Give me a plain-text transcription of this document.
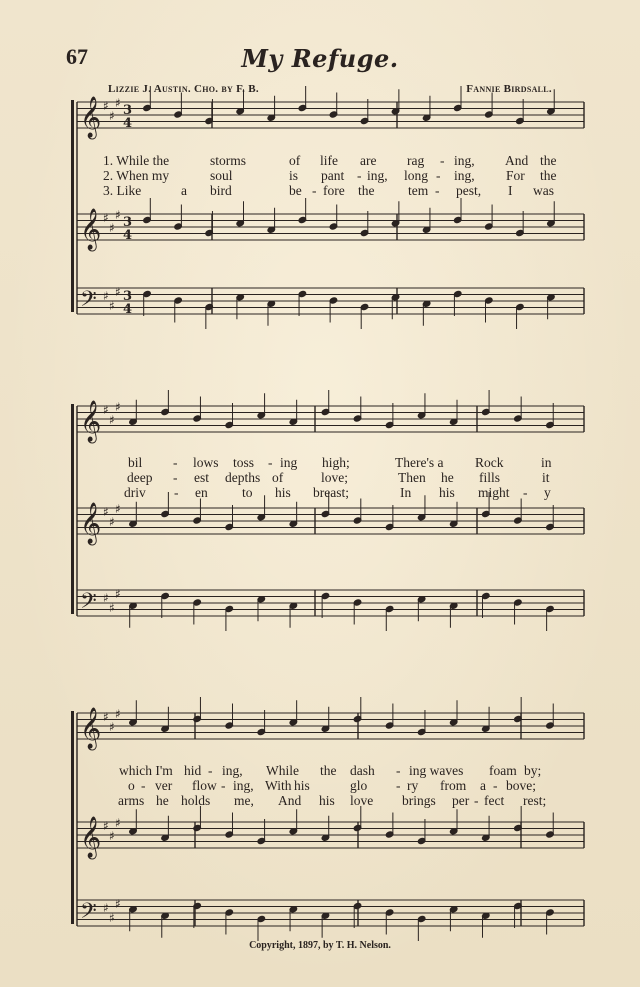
67	My Refuge.
Lizzie J. Austin. Cho. by F. B.	Fannie Birdsall.
𝄞 ♯
♯
♯ 3
4
𝄞 ♯
♯
♯ 3
4
𝄢 ♯
♯
♯ 3
4
𝄞 ♯
♯
♯
𝄞 ♯
♯
♯
𝄢 ♯
♯
♯
𝄞 ♯
♯
♯
𝄞 ♯
♯
♯
𝄢 ♯
♯
♯
1. While the	storms	of life are rag - ing, And the
2. When my	soul	is pant - ing, long - ing, For the
3. Like	a bird	be - fore the tem - pest, I was
bil - lows toss - ing high;	There's a Rock	in
deep - est depths of	love;	Then he fills	it
driv - en	to his breast;	In his might - y
which I'm hid - ing, While the dash - ing waves foam by;
o - ver flow - ing, With his	glo - ry from a - bove;
arms he holds me, And his love brings per - fect rest;
Copyright, 1897, by T. H. Nelson.
